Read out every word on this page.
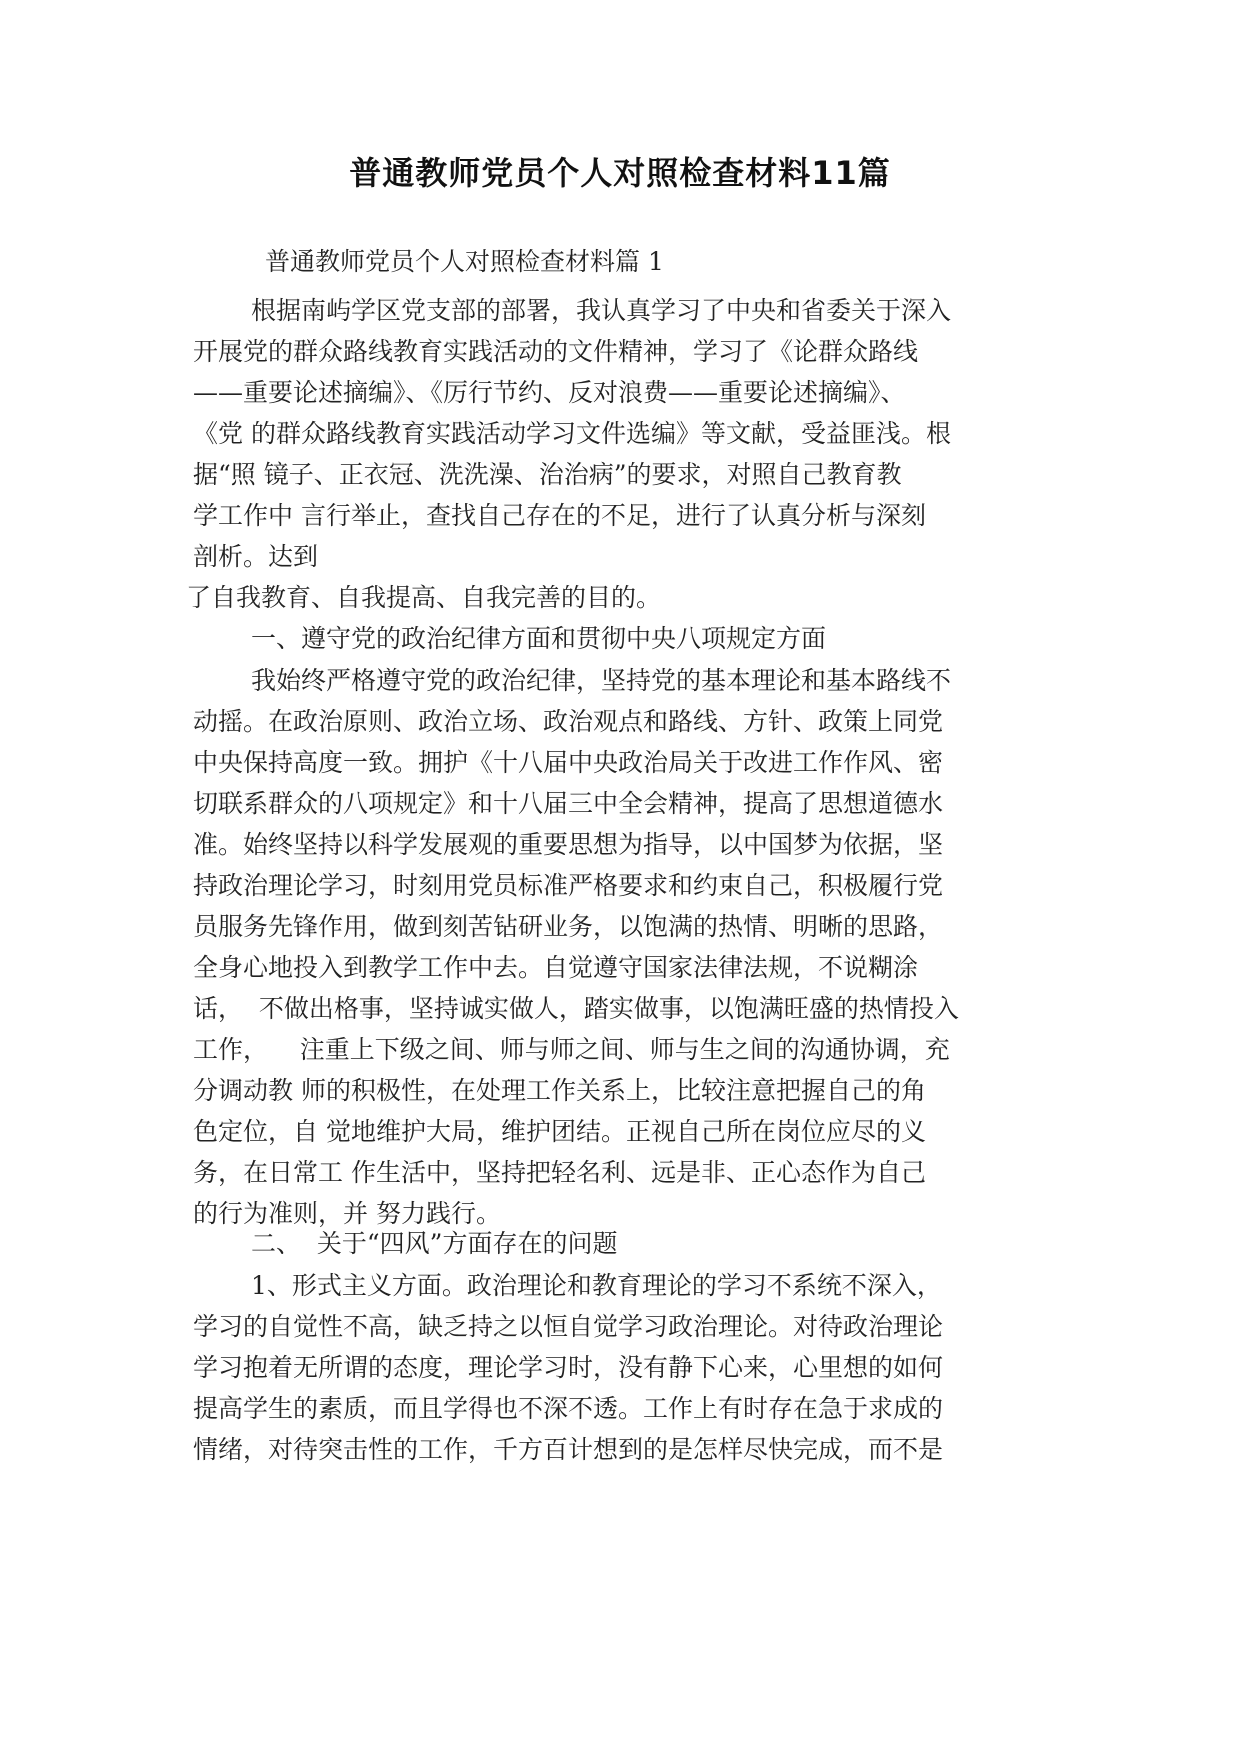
普通教师党员个人对照检查材料11篇
普通教师党员个人对照检查材料篇 1
根据南屿学区党支部的部署，我认真学习了中央和省委关于深入
开展党的群众路线教育实践活动的文件精神，学习了《论群众路线
——重要论述摘编》、《厉行节约、反对浪费——重要论述摘编》、
《党 的群众路线教育实践活动学习文件选编》等文献，受益匪浅。根
据“照 镜子、正衣冠、洗洗澡、治治病”的要求，对照自己教育教
学工作中 言行举止，查找自己存在的不足，进行了认真分析与深刻
剖析。达到
了自我教育、自我提高、自我完善的目的。
一、遵守党的政治纪律方面和贯彻中央八项规定方面
我始终严格遵守党的政治纪律，坚持党的基本理论和基本路线不
动摇。在政治原则、政治立场、政治观点和路线、方针、政策上同党
中央保持高度一致。拥护《十八届中央政治局关于改进工作作风、密
切联系群众的八项规定》和十八届三中全会精神，提高了思想道德水
准。始终坚持以科学发展观的重要思想为指导，以中国梦为依据，坚
持政治理论学习，时刻用党员标准严格要求和约束自己，积极履行党
员服务先锋作用，做到刻苦钻研业务，以饱满的热情、明晰的思路，
全身心地投入到教学工作中去。自觉遵守国家法律法规，不说糊涂
话，  不做出格事，坚持诚实做人，踏实做事，以饱满旺盛的热情投入
工作，    注重上下级之间、师与师之间、师与生之间的沟通协调，充
分调动教 师的积极性，在处理工作关系上，比较注意把握自己的角
色定位，自 觉地维护大局，维护团结。正视自己所在岗位应尽的义
务，在日常工 作生活中，坚持把轻名利、远是非、正心态作为自己
的行为准则，并 努力践行。
二、  关于“四风”方面存在的问题
1、形式主义方面。政治理论和教育理论的学习不系统不深入，
学习的自觉性不高，缺乏持之以恒自觉学习政治理论。对待政治理论
学习抱着无所谓的态度，理论学习时，没有静下心来，心里想的如何
提高学生的素质，而且学得也不深不透。工作上有时存在急于求成的
情绪，对待突击性的工作，千方百计想到的是怎样尽快完成，而不是
